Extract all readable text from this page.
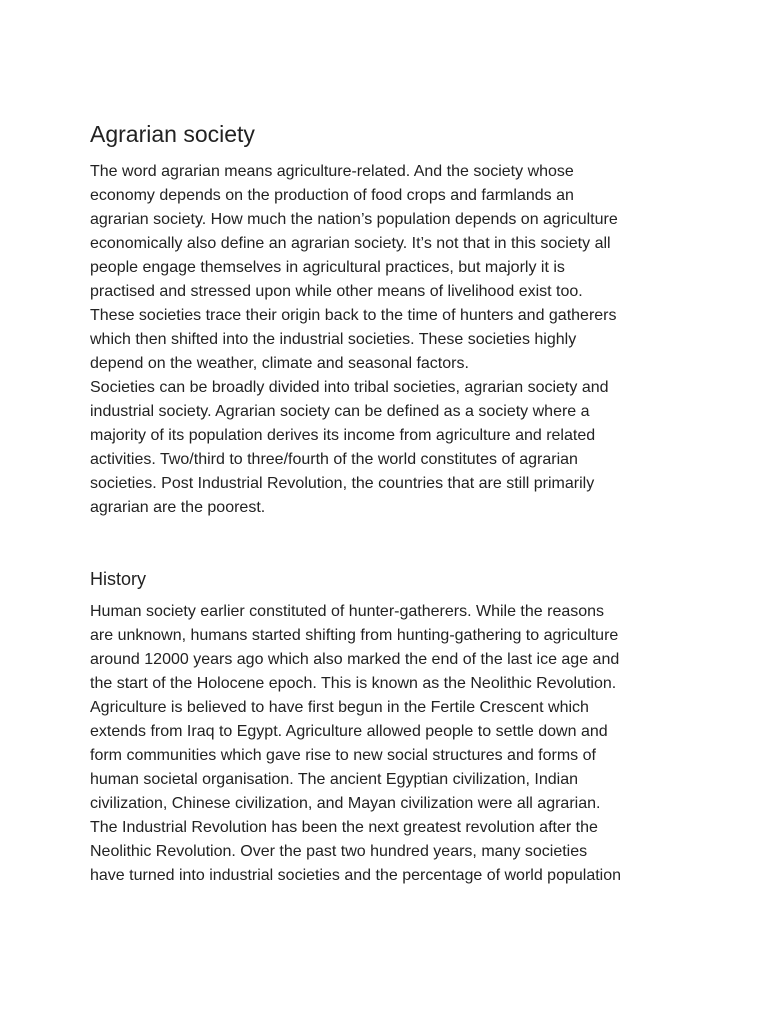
Agrarian society

The word agrarian means agriculture-related. And the society whose
economy depends on the production of food crops and farmlands an
agrarian society. How much the nation’s population depends on agriculture
economically also define an agrarian society. It’s not that in this society all
people engage themselves in agricultural practices, but majorly it is
practised and stressed upon while other means of livelihood exist too.
These societies trace their origin back to the time of hunters and gatherers
which then shifted into the industrial societies. These societies highly
depend on the weather, climate and seasonal factors.
Societies can be broadly divided into tribal societies, agrarian society and
industrial society. Agrarian society can be defined as a society where a
majority of its population derives its income from agriculture and related
activities. Two/third to three/fourth of the world constitutes of agrarian
societies. Post Industrial Revolution, the countries that are still primarily
agrarian are the poorest.

History

Human society earlier constituted of hunter-gatherers. While the reasons
are unknown, humans started shifting from hunting-gathering to agriculture
around 12000 years ago which also marked the end of the last ice age and
the start of the Holocene epoch. This is known as the Neolithic Revolution.
Agriculture is believed to have first begun in the Fertile Crescent which
extends from Iraq to Egypt. Agriculture allowed people to settle down and
form communities which gave rise to new social structures and forms of
human societal organisation. The ancient Egyptian civilization, Indian
civilization, Chinese civilization, and Mayan civilization were all agrarian.
The Industrial Revolution has been the next greatest revolution after the
Neolithic Revolution. Over the past two hundred years, many societies
have turned into industrial societies and the percentage of world population
